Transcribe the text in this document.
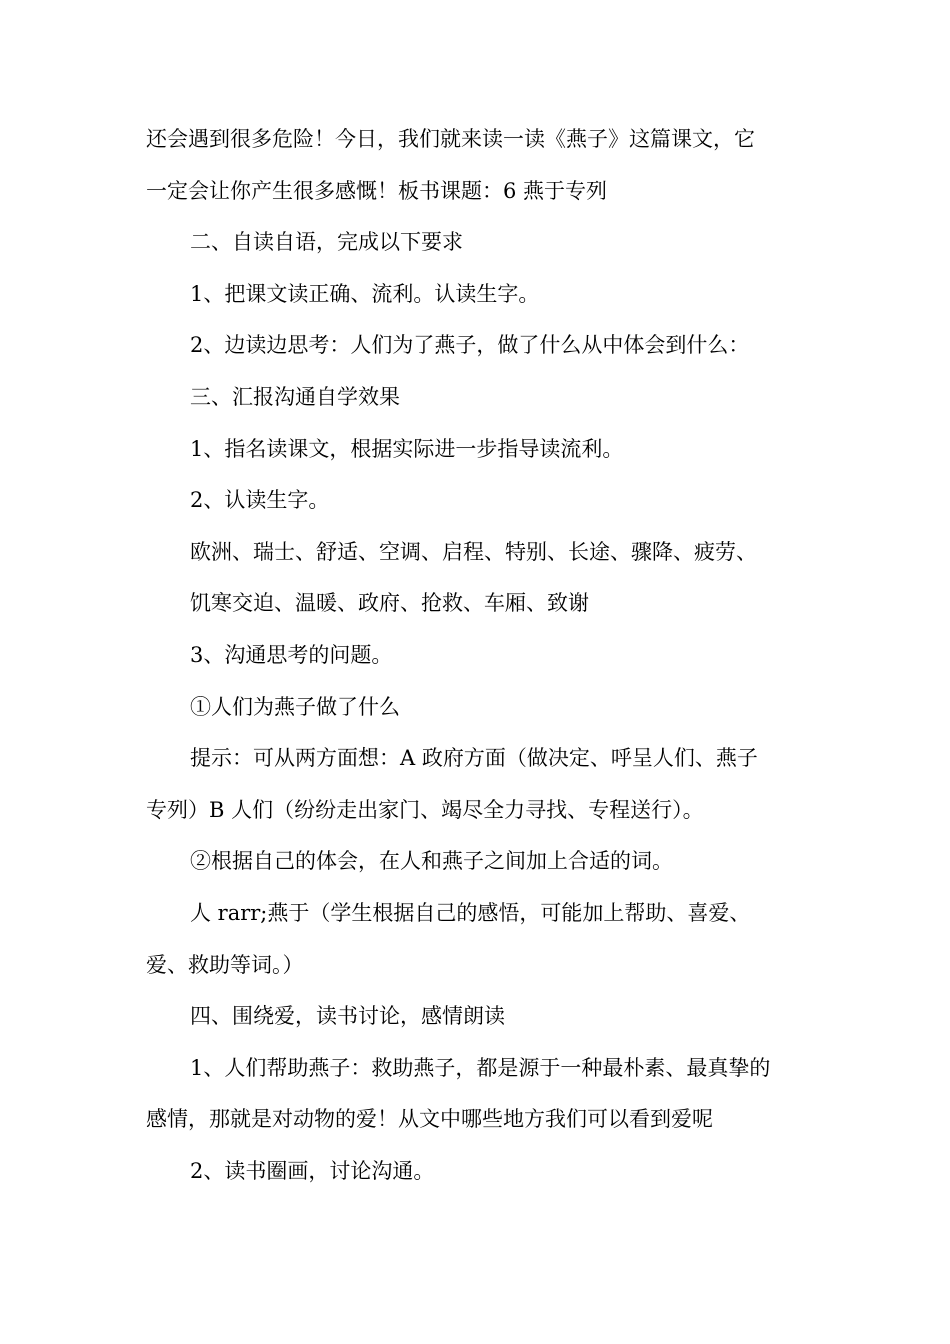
还会遇到很多危险！今日，我们就来读一读《燕子》这篇课文，它
一定会让你产生很多感慨！板书课题：6 燕于专列

二、自读自语，完成以下要求

1、把课文读正确、流利。认读生字。

2、边读边思考：人们为了燕子，做了什么从中体会到什么：

三、汇报沟通自学效果

1、指名读课文，根据实际进一步指导读流利。

2、认读生字。

欧洲、瑞士、舒适、空调、启程、特别、长途、骤降、疲劳、
饥寒交迫、温暖、政府、抢救、车厢、致谢

3、沟通思考的问题。

①人们为燕子做了什么

提示：可从两方面想：A 政府方面（做决定、呼呈人们、燕子
专列）B 人们（纷纷走出家门、竭尽全力寻找、专程送行）。

②根据自己的体会，在人和燕子之间加上合适的词。

人 rarr;燕于（学生根据自己的感悟，可能加上帮助、喜爱、
爱、救助等词。）

四、围绕爱，读书讨论，感情朗读

1、人们帮助燕子：救助燕子，都是源于一种最朴素、最真挚的
感情，那就是对动物的爱！从文中哪些地方我们可以看到爱呢

2、读书圈画，讨论沟通。
